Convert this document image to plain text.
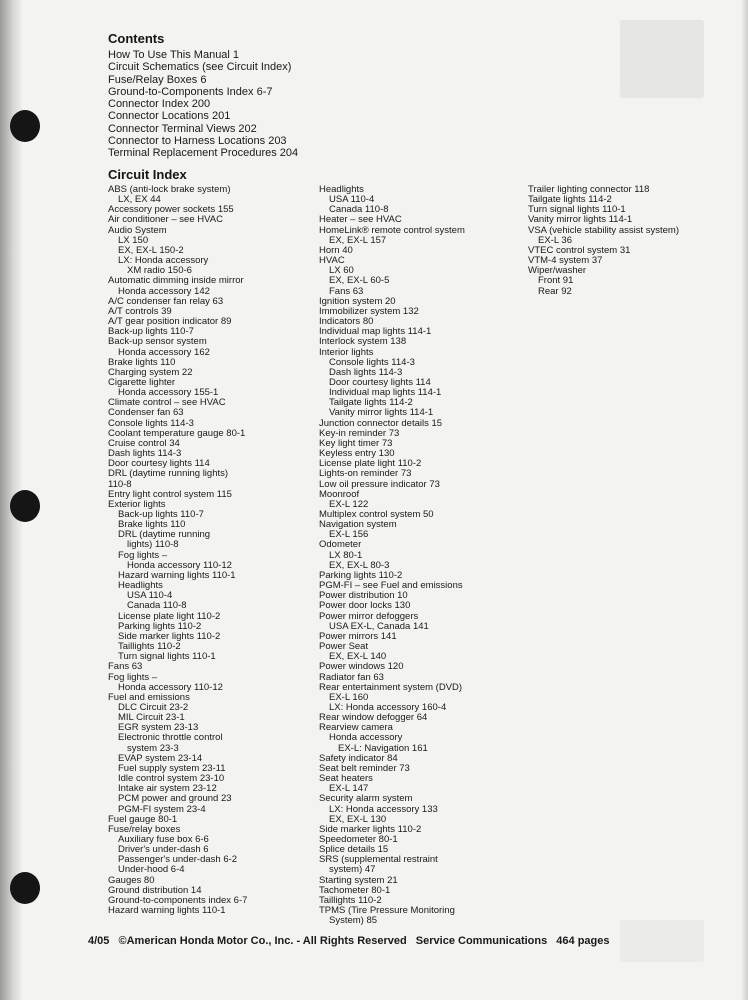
Contents
How To Use This Manual 1
Circuit Schematics (see Circuit Index)
Fuse/Relay Boxes 6
Ground-to-Components Index 6-7
Connector Index 200
Connector Locations 201
Connector Terminal Views 202
Connector to Harness Locations 203
Terminal Replacement Procedures 204
Circuit Index
ABS (anti-lock brake system)
LX, EX 44
Accessory power sockets 155
Air conditioner – see HVAC
Audio System
LX 150
EX, EX-L 150-2
LX: Honda accessory
XM radio 150-6
Automatic dimming inside mirror
Honda accessory 142
A/C condenser fan relay 63
A/T controls 39
A/T gear position indicator 89
Back-up lights 110-7
Back-up sensor system
Honda accessory 162
Brake lights 110
Charging system 22
Cigarette lighter
Honda accessory 155-1
Climate control – see HVAC
Condenser fan 63
Console lights 114-3
Coolant temperature gauge 80-1
Cruise control 34
Dash lights 114-3
Door courtesy lights 114
DRL (daytime running lights)
110-8
Entry light control system 115
Exterior lights
Back-up lights 110-7
Brake lights 110
DRL (daytime running
lights) 110-8
Fog lights –
Honda accessory 110-12
Hazard warning lights 110-1
Headlights
USA 110-4
Canada 110-8
License plate light 110-2
Parking lights 110-2
Side marker lights 110-2
Taillights 110-2
Turn signal lights 110-1
Fans 63
Fog lights –
Honda accessory 110-12
Fuel and emissions
DLC Circuit 23-2
MIL Circuit 23-1
EGR system 23-13
Electronic throttle control
system 23-3
EVAP system 23-14
Fuel supply system 23-11
Idle control system 23-10
Intake air system 23-12
PCM power and ground 23
PGM-FI system 23-4
Fuel gauge 80-1
Fuse/relay boxes
Auxiliary fuse box 6-6
Driver's under-dash 6
Passenger's under-dash 6-2
Under-hood 6-4
Gauges 80
Ground distribution 14
Ground-to-components index 6-7
Hazard warning lights 110-1
Headlights
USA 110-4
Canada 110-8
Heater – see HVAC
HomeLink® remote control system
EX, EX-L 157
Horn 40
HVAC
LX 60
EX, EX-L 60-5
Fans 63
Ignition system 20
Immobilizer system 132
Indicators 80
Individual map lights 114-1
Interlock system 138
Interior lights
Console lights 114-3
Dash lights 114-3
Door courtesy lights 114
Individual map lights 114-1
Tailgate lights 114-2
Vanity mirror lights 114-1
Junction connector details 15
Key-in reminder 73
Key light timer 73
Keyless entry 130
License plate light 110-2
Lights-on reminder 73
Low oil pressure indicator 73
Moonroof
EX-L 122
Multiplex control system 50
Navigation system
EX-L 156
Odometer
LX 80-1
EX, EX-L 80-3
Parking lights 110-2
PGM-FI – see Fuel and emissions
Power distribution 10
Power door locks 130
Power mirror defoggers
USA EX-L, Canada 141
Power mirrors 141
Power Seat
EX, EX-L 140
Power windows 120
Radiator fan 63
Rear entertainment system (DVD)
EX-L 160
LX: Honda accessory 160-4
Rear window defogger 64
Rearview camera
Honda accessory
EX-L: Navigation 161
Safety indicator 84
Seat belt reminder 73
Seat heaters
EX-L 147
Security alarm system
LX: Honda accessory 133
EX, EX-L 130
Side marker lights 110-2
Speedometer 80-1
Splice details 15
SRS (supplemental restraint
system) 47
Starting system 21
Tachometer 80-1
Taillights 110-2
TPMS (Tire Pressure Monitoring
System) 85
Trailer lighting connector 118
Tailgate lights 114-2
Turn signal lights 110-1
Vanity mirror lights 114-1
VSA (vehicle stability assist system)
EX-L 36
VTEC control system 31
VTM-4 system 37
Wiper/washer
Front 91
Rear 92
4/05 ©American Honda Motor Co., Inc. - All Rights Reserved Service Communications 464 pages
